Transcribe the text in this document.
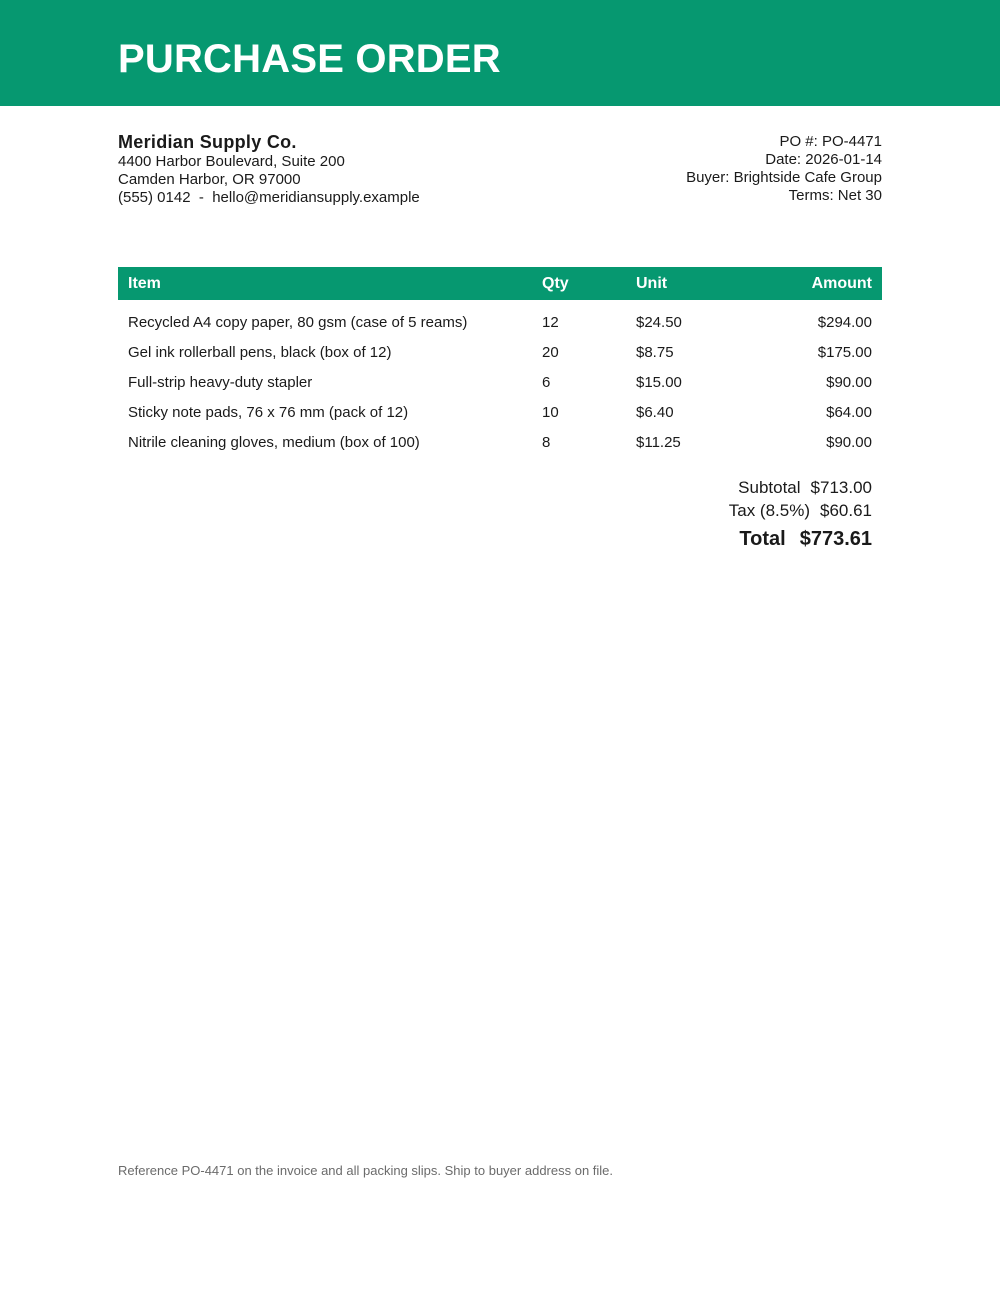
PURCHASE ORDER
Meridian Supply Co.
4400 Harbor Boulevard, Suite 200
Camden Harbor, OR 97000
(555) 0142  -  hello@meridiansupply.example
PO #: PO-4471
Date: 2026-01-14
Buyer: Brightside Cafe Group
Terms: Net 30
Item	Qty	Unit	Amount
Recycled A4 copy paper, 80 gsm (case of 5 reams)	12	$24.50	$294.00
Gel ink rollerball pens, black (box of 12)	20	$8.75	$175.00
Full-strip heavy-duty stapler	6	$15.00	$90.00
Sticky note pads, 76 x 76 mm (pack of 12)	10	$6.40	$64.00
Nitrile cleaning gloves, medium (box of 100)	8	$11.25	$90.00
Subtotal $713.00
Tax (8.5%) $60.61
Total $773.61
Reference PO-4471 on the invoice and all packing slips. Ship to buyer address on file.
